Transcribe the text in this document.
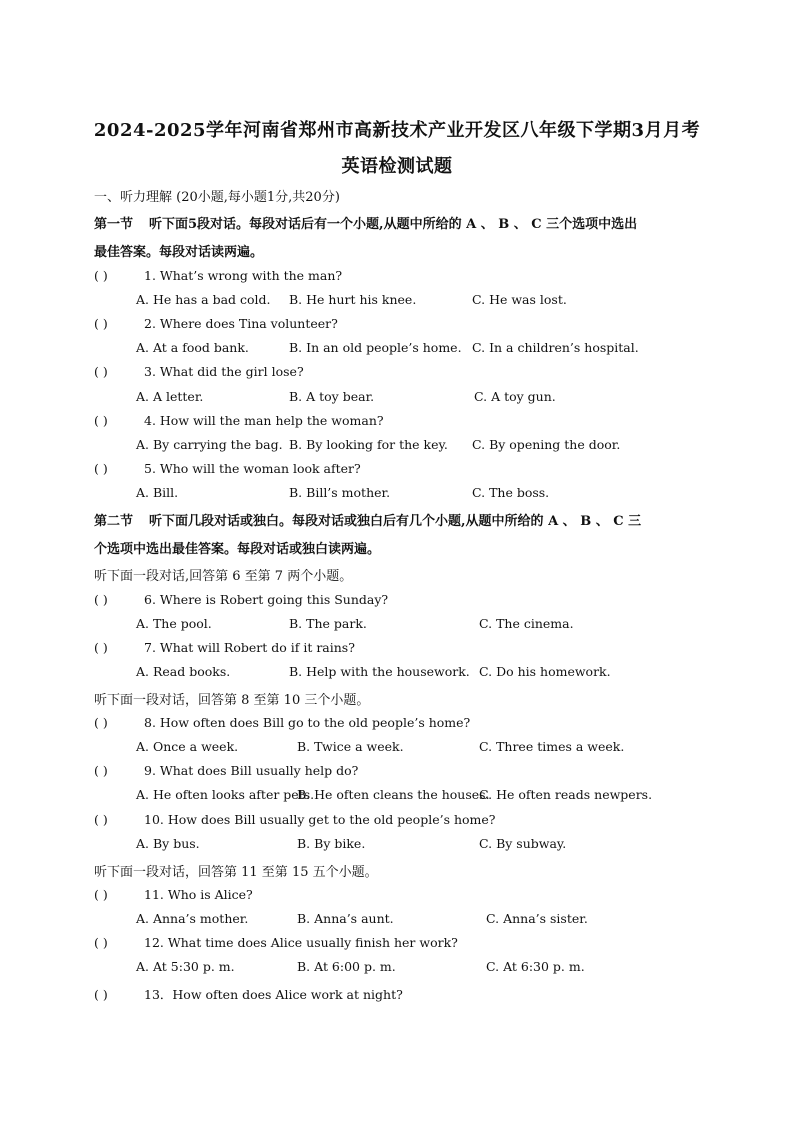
2024-2025学年河南省郑州市高新技术产业开发区八年级下学期3月月考
英语检测试题
一、听力理解 (20小题,每小题1分,共20分)
第一节 听下面5段对话。每段对话后有一个小题,从题中所给的 A 、 B 、 C 三个选项中选出
最佳答案。每段对话读两遍。
( )	1. What’s wrong with the man?
A. He has a bad cold. B. He hurt his knee.	C. He was lost.
( )	2. Where does Tina volunteer?
A. At a food bank.	B. In an old people’s home. C. In a children’s hospital.
( )	3. What did the girl lose?
A. A letter.	B. A toy bear.	C. A toy gun.
( )	4. How will the man help the woman?
A. By carrying the bag. B. By looking for the key. C. By opening the door.
( )	5. Who will the woman look after?
A. Bill.	B. Bill’s mother.	C. The boss.
第二节 听下面几段对话或独白。每段对话或独白后有几个小题,从题中所给的 A 、 B 、 C 三
个选项中选出最佳答案。每段对话或独白读两遍。
听下面一段对话,回答第 6 至第 7 两个小题。
( )	6. Where is Robert going this Sunday?
A. The pool.	B. The park.	C. The cinema.
( )	7. What will Robert do if it rains?
A. Read books.	B. Help with the housework. C. Do his homework.
听下面一段对话，回答第 8 至第 10 三个小题。
( )	8. How often does Bill go to the old people’s home?
A. Once a week.	B. Twice a week.	C. Three times a week.
( )	9. What does Bill usually help do?
A. He often looks after pets.
B. He often cleans the houses.
C. He often reads newpers.
( )	10. How does Bill usually get to the old people’s home?
A. By bus.	B. By bike.	C. By subway.
听下面一段对话，回答第 11 至第 15 五个小题。
( )	11. Who is Alice?
A. Anna’s mother.	B. Anna’s aunt.	C. Anna’s sister.
( )	12. What time does Alice usually finish her work?
A. At 5:30 p. m.	B. At 6:00 p. m.	C. At 6:30 p. m.
( )	13．How often does Alice work at night?
